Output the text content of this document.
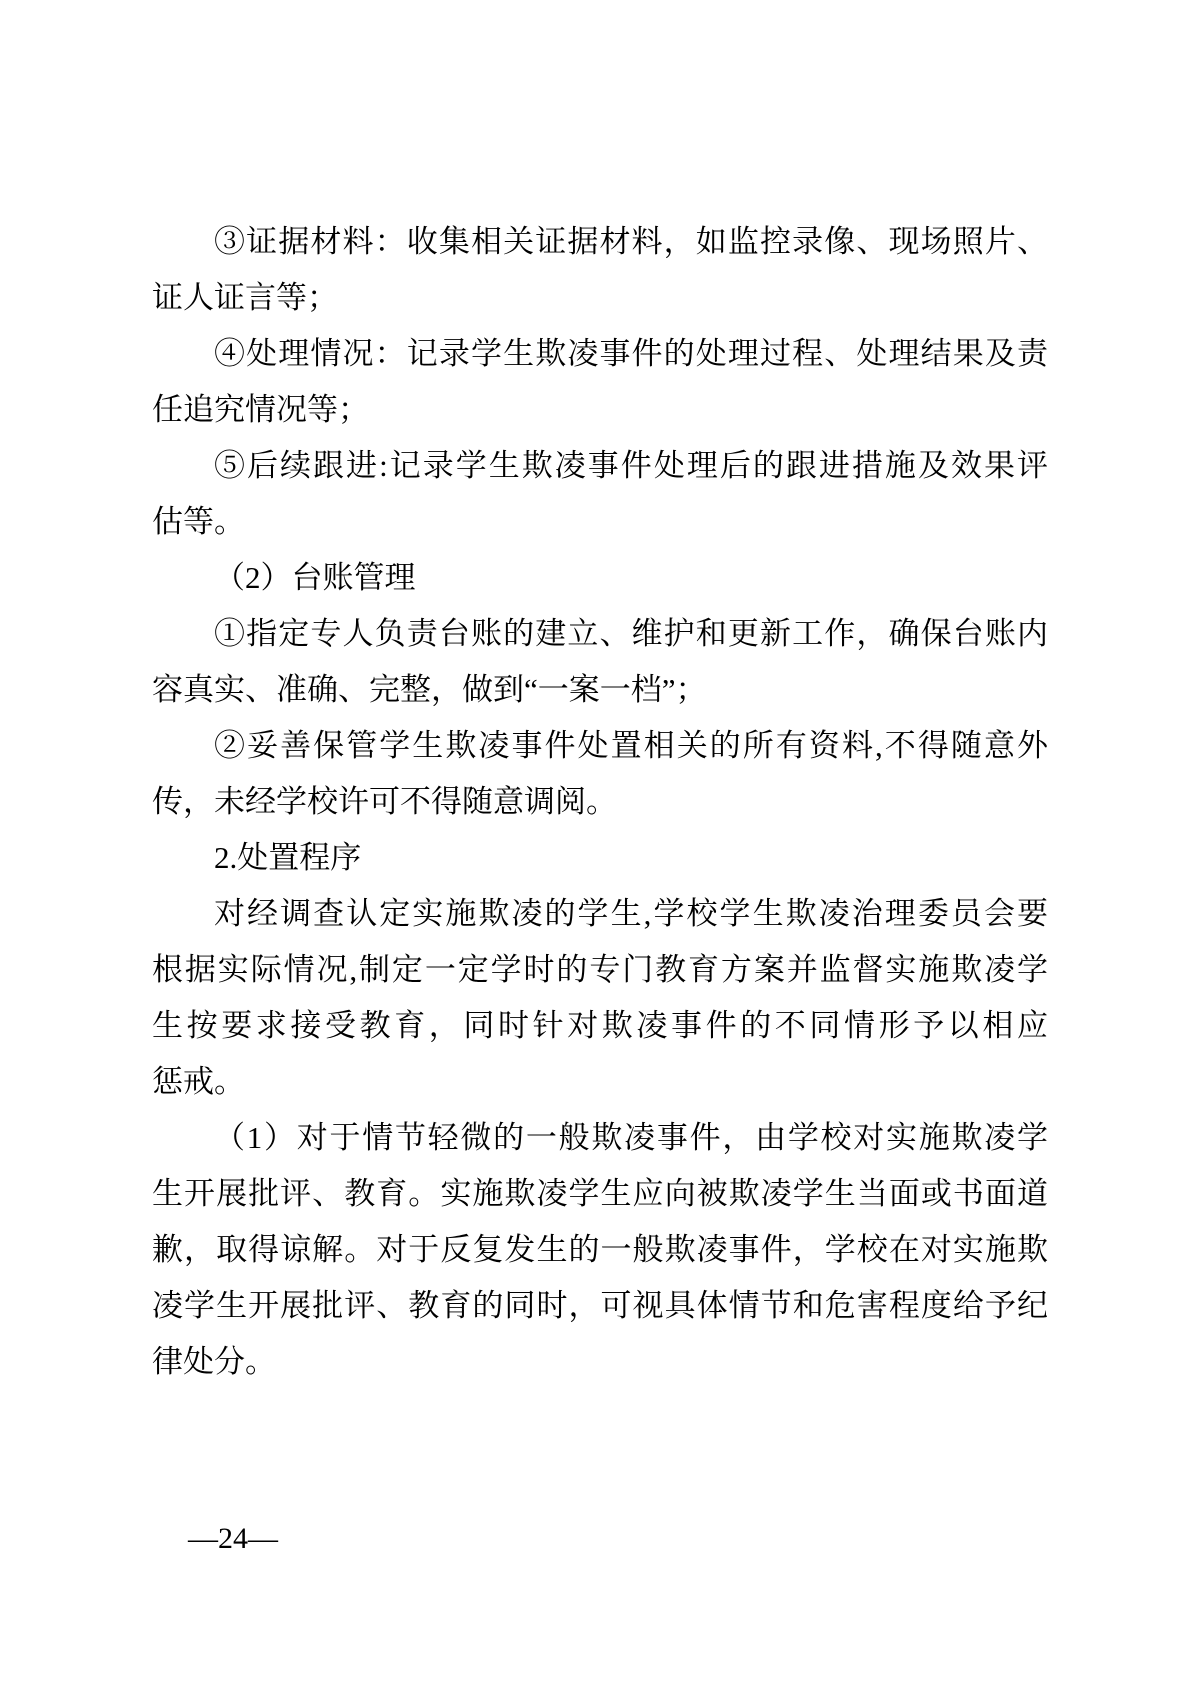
③证据材料：收集相关证据材料，如监控录像、现场照片、
证人证言等；
④处理情况：记录学生欺凌事件的处理过程、处理结果及责
任追究情况等；
⑤后续跟进:记录学生欺凌事件处理后的跟进措施及效果评
估等。
（2）台账管理
①指定专人负责台账的建立、维护和更新工作，确保台账内
容真实、准确、完整，做到“一案一档”；
②妥善保管学生欺凌事件处置相关的所有资料,不得随意外
传，未经学校许可不得随意调阅。
2.处置程序
对经调查认定实施欺凌的学生,学校学生欺凌治理委员会要
根据实际情况,制定一定学时的专门教育方案并监督实施欺凌学
生按要求接受教育，同时针对欺凌事件的不同情形予以相应
惩戒。
（1）对于情节轻微的一般欺凌事件，由学校对实施欺凌学
生开展批评、教育。实施欺凌学生应向被欺凌学生当面或书面道
歉，取得谅解。对于反复发生的一般欺凌事件，学校在对实施欺
凌学生开展批评、教育的同时，可视具体情节和危害程度给予纪
律处分。
—24—
